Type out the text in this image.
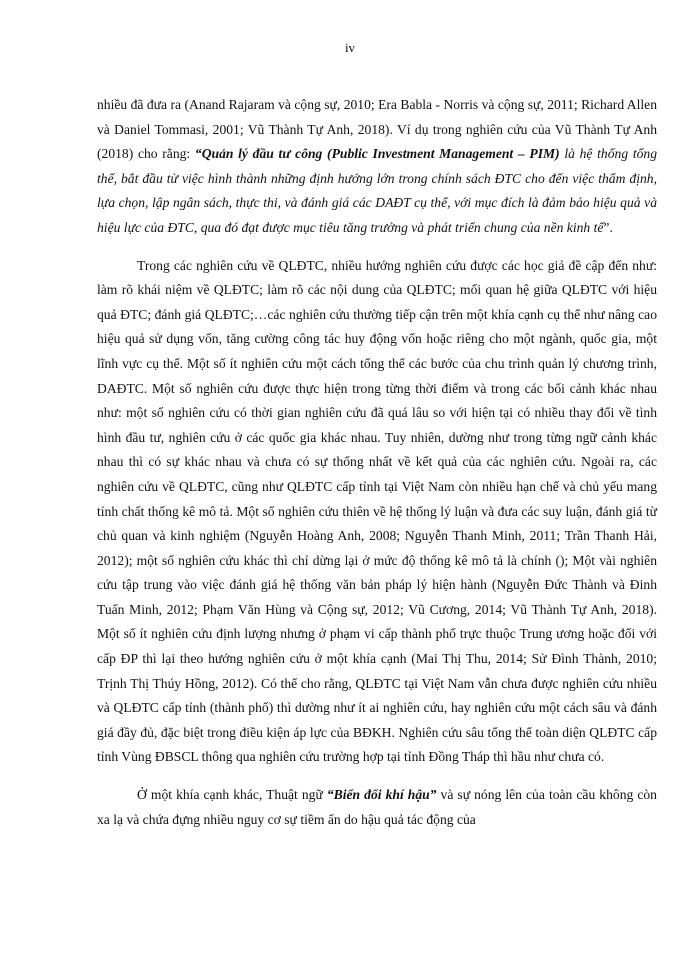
iv

nhiều đã đưa ra (Anand Rajaram và cộng sự, 2010; Era Babla - Norris và cộng sự, 2011; Richard Allen và Daniel Tommasi, 2001; Vũ Thành Tự Anh, 2018). Ví dụ trong nghiên cứu của Vũ Thành Tự Anh (2018) cho rằng: “Quản lý đầu tư công (Public Investment Management – PIM) là hệ thống tổng thể, bắt đầu từ việc hình thành những định hướng lớn trong chính sách ĐTC cho đến việc thẩm định, lựa chọn, lập ngân sách, thực thi, và đánh giá các DAĐT cụ thể, với mục đích là đảm bảo hiệu quả và hiệu lực của ĐTC, qua đó đạt được mục tiêu tăng trưởng và phát triển chung của nền kinh tế”.

Trong các nghiên cứu về QLĐTC, nhiều hướng nghiên cứu được các học giả đề cập đến như: làm rõ khái niệm về QLĐTC; làm rõ các nội dung của QLĐTC; mối quan hệ giữa QLĐTC với hiệu quả ĐTC; đánh giá QLĐTC;…các nghiên cứu thường tiếp cận trên một khía cạnh cụ thể như nâng cao hiệu quả sử dụng vốn, tăng cường công tác huy động vốn hoặc riêng cho một ngành, quốc gia, một lĩnh vực cụ thể. Một số ít nghiên cứu một cách tổng thể các bước của chu trình quản lý chương trình, DAĐTC. Một số nghiên cứu được thực hiện trong từng thời điểm và trong các bối cảnh khác nhau như: một số nghiên cứu có thời gian nghiên cứu đã quá lâu so với hiện tại có nhiều thay đổi về tình hình đầu tư, nghiên cứu ở các quốc gia khác nhau. Tuy nhiên, dường như trong từng ngữ cảnh khác nhau thì có sự khác nhau và chưa có sự thống nhất về kết quả của các nghiên cứu. Ngoài ra, các nghiên cứu về QLĐTC, cũng như QLĐTC cấp tỉnh tại Việt Nam còn nhiều hạn chế và chủ yếu mang tính chất thống kê mô tả. Một số nghiên cứu thiên về hệ thống lý luận và đưa các suy luận, đánh giá từ chủ quan và kinh nghiệm (Nguyễn Hoàng Anh, 2008; Nguyễn Thanh Minh, 2011; Trần Thanh Hải, 2012); một số nghiên cứu khác thì chỉ dừng lại ở mức độ thống kê mô tả là chính (); Một vài nghiên cứu tập trung vào việc đánh giá hệ thống văn bản pháp lý hiện hành (Nguyễn Đức Thành và Đinh Tuấn Minh, 2012; Phạm Văn Hùng và Cộng sự, 2012; Vũ Cương, 2014; Vũ Thành Tự Anh, 2018). Một số ít nghiên cứu định lượng nhưng ở phạm vi cấp thành phố trực thuộc Trung ương hoặc đối với cấp ĐP thì lại theo hướng nghiên cứu ở một khía cạnh (Mai Thị Thu, 2014; Sử Đình Thành, 2010; Trịnh Thị Thúy Hồng, 2012). Có thể cho rằng, QLĐTC tại Việt Nam vẫn chưa được nghiên cứu nhiều và QLĐTC cấp tỉnh (thành phố) thì dường như ít ai nghiên cứu, hay nghiên cứu một cách sâu và đánh giá đầy đủ, đặc biệt trong điều kiện áp lực của BĐKH. Nghiên cứu sâu tổng thể toàn diện QLĐTC cấp tỉnh Vùng ĐBSCL thông qua nghiên cứu trường hợp tại tỉnh Đồng Tháp thì hầu như chưa có.

Ở một khía cạnh khác, Thuật ngữ “Biến đổi khí hậu” và sự nóng lên của toàn cầu không còn xa lạ và chứa đựng nhiều nguy cơ sự tiềm ẩn do hậu quả tác động của
